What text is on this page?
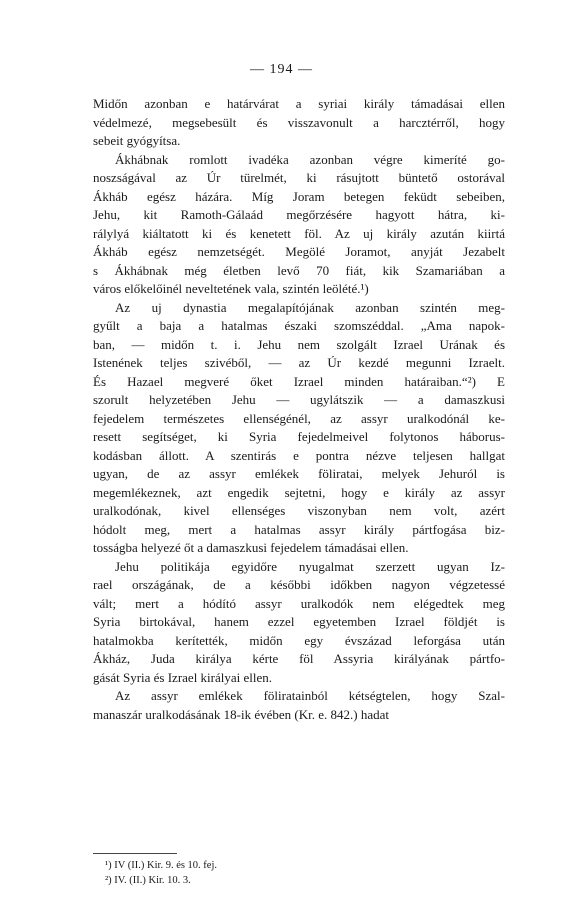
— 194 —
Midőn azonban e határvárat a syriai király támadásai ellen
védelmezé, megsebesült és visszavonult a harcztérről, hogy
sebeit gyógyítsa.
Ákhábnak romlott ivadéka azonban végre kimeríté go-
noszságával az Úr türelmét, ki rásujtott büntető ostorával
Ákháb egész házára. Míg Joram betegen feküdt sebeiben,
Jehu, kit Ramoth-Gálaád megőrzésére hagyott hátra, ki-
rálylyá kiáltatott ki és kenetett föl. Az uj király azután kiirtá
Ákháb egész nemzetségét. Megölé Joramot, anyját Jezabelt
s Ákhábnak még életben levő 70 fiát, kik Szamariában a
város előkelőinél neveltetének vala, szintén leölété.¹)
Az uj dynastia megalapítójának azonban szintén meg-
gyűlt a baja a hatalmas északi szomszéddal. „Ama napok-
ban, — midőn t. i. Jehu nem szolgált Izrael Urának és
Istenének teljes szivéből, — az Úr kezdé megunni Izraelt.
És Hazael megveré őket Izrael minden határaiban.“²) E
szorult helyzetében Jehu — ugylátszik — a damaszkusi
fejedelem természetes ellenségénél, az assyr uralkodónál ke-
resett segítséget, ki Syria fejedelmeivel folytonos háborus-
kodásban állott. A szentirás e pontra nézve teljesen hallgat
ugyan, de az assyr emlékek föliratai, melyek Jehuról is
megemlékeznek, azt engedik sejtetni, hogy e király az assyr
uralkodónak, kivel ellenséges viszonyban nem volt, azért
hódolt meg, mert a hatalmas assyr király pártfogása biz-
tosságba helyezé őt a damaszkusi fejedelem támadásai ellen.
Jehu politikája egyidőre nyugalmat szerzett ugyan Iz-
rael országának, de a későbbi időkben nagyon végzetessé
vált; mert a hódító assyr uralkodók nem elégedtek meg
Syria birtokával, hanem ezzel egyetemben Izrael földjét is
hatalmokba kerítették, midőn egy évszázad leforgása után
Ákház, Juda királya kérte föl Assyria királyának pártfo-
gását Syria és Izrael királyai ellen.
Az assyr emlékek föliratainból kétségtelen, hogy Szal-
manaszár uralkodásának 18-ik évében (Kr. e. 842.) hadat
¹) IV (II.) Kir. 9. és 10. fej.
²) IV. (II.) Kir. 10. 3.
